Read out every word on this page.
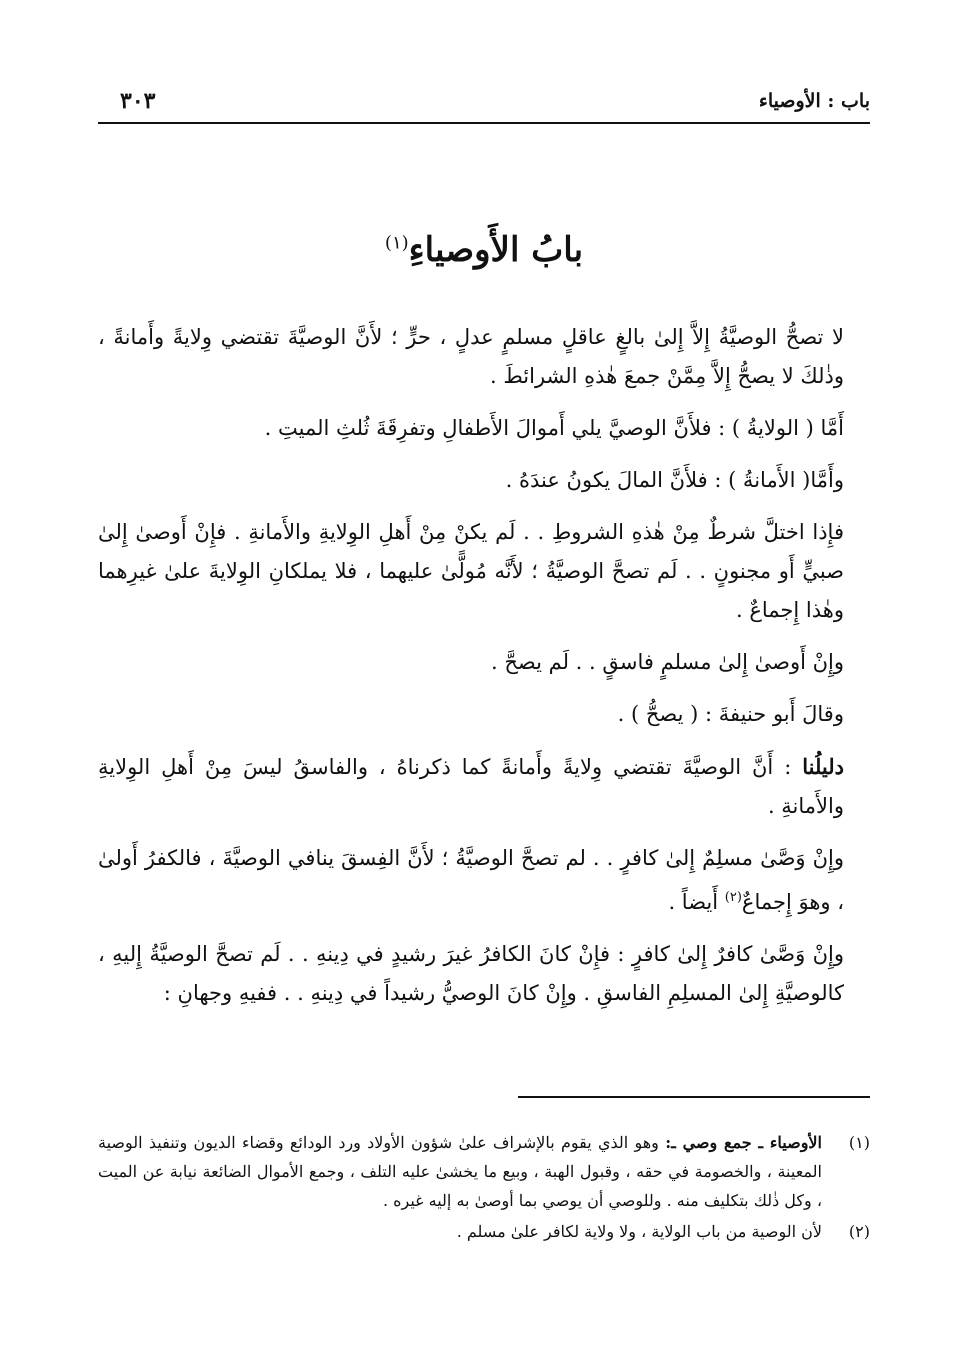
باب : الأوصياء
٣٠٣
بابُ الأَوصياءِ$^{(١)}$

لا تصحُّ الوصيَّةُ إِلاَّ إِلىٰ بالغٍ عاقلٍ مسلمٍ عدلٍ ، حرٍّ ؛ لأَنَّ الوصيَّةَ تقتضي وِلايةً وأَمانةً ، وذٰلكَ لا يصحُّ إِلاَّ مِمَّنْ جمعَ هٰذهِ الشرائطَ .

أَمَّا ( الولايةُ ) : فلأَنَّ الوصيَّ يلي أَموالَ الأَطفالِ وتفرِقَةَ ثُلثِ الميتِ .

وأَمَّا( الأَمانةُ ) : فلأَنَّ المالَ يكونُ عندَهُ .

فإِذا اختلَّ شرطٌ مِنْ هٰذهِ الشروطِ . . لَم يكنْ مِنْ أَهلِ الوِلايةِ والأَمانةِ . فإِنْ أَوصىٰ إِلىٰ صبيٍّ أَو مجنونٍ . . لَم تصحَّ الوصيَّةُ ؛ لأَنَّه مُولًّىٰ عليهما ، فلا يملكانِ الوِلايةَ علىٰ غيرِهما وهٰذا إِجماعٌ .

وإِنْ أَوصىٰ إِلىٰ مسلمٍ فاسقٍ . . لَم يصحَّ .

وقالَ أَبو حنيفةَ : ( يصحُّ ) .

دليلُنا : أَنَّ الوصيَّةَ تقتضي وِلايةً وأَمانةً كما ذكرناهُ ، والفاسقُ ليسَ مِنْ أَهلِ الوِلايةِ والأَمانةِ .

وإِنْ وَصَّىٰ مسلِمٌ إِلىٰ كافرٍ . . لم تصحَّ الوصيَّةُ ؛ لأَنَّ الفِسقَ ينافي الوصيَّةَ ، فالكفرُ أَولىٰ ، وهوَ إِجماعٌ$^{(٢)}$ أَيضاً .

وإِنْ وَصَّىٰ كافرٌ إِلىٰ كافرٍ : فإِنْ كانَ الكافرُ غيرَ رشيدٍ في دِينهِ . . لَم تصحَّ الوصيَّةُ إِليهِ ، كالوصيَّةِ إِلىٰ المسلِمِ الفاسقِ . وإِنْ كانَ الوصيُّ رشيداً في دِينهِ . . ففيهِ وجهانِ :

(١)
الأوصياء ـ جمع وصي ـ: وهو الذي يقوم بالإشراف علىٰ شؤون الأولاد ورد الودائع وقضاء الديون وتنفيذ الوصية المعينة ، والخصومة في حقه ، وقبول الهبة ، وبيع ما يخشىٰ عليه التلف ، وجمع الأموال الضائعة نيابة عن الميت ، وكل ذٰلك بتكليف منه . وللوصي أن يوصي بما أوصىٰ به إليه غيره .
(٢)
لأن الوصية من باب الولاية ، ولا ولاية لكافر علىٰ مسلم .
